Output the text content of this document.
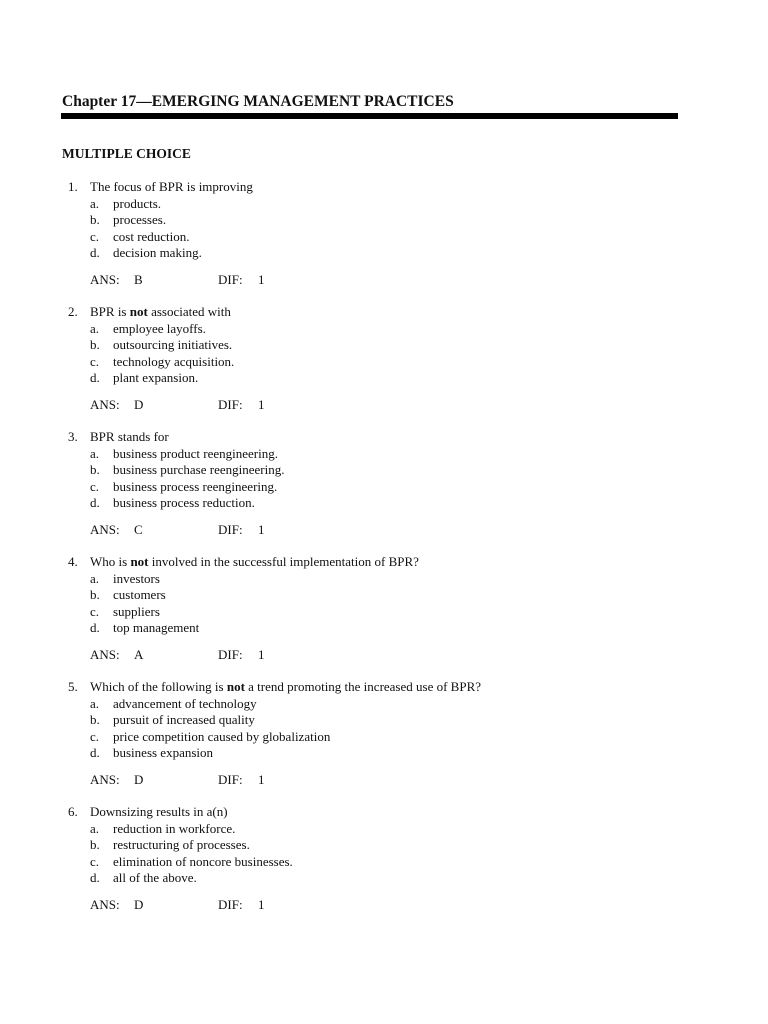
Chapter 17—EMERGING MANAGEMENT PRACTICES
MULTIPLE CHOICE
1. The focus of BPR is improving
a. products.
b. processes.
c. cost reduction.
d. decision making.
ANS: B	DIF: 1
2. BPR is not associated with
a. employee layoffs.
b. outsourcing initiatives.
c. technology acquisition.
d. plant expansion.
ANS: D	DIF: 1
3. BPR stands for
a. business product reengineering.
b. business purchase reengineering.
c. business process reengineering.
d. business process reduction.
ANS: C	DIF: 1
4. Who is not involved in the successful implementation of BPR?
a. investors
b. customers
c. suppliers
d. top management
ANS: A	DIF: 1
5. Which of the following is not a trend promoting the increased use of BPR?
a. advancement of technology
b. pursuit of increased quality
c. price competition caused by globalization
d. business expansion
ANS: D	DIF: 1
6. Downsizing results in a(n)
a. reduction in workforce.
b. restructuring of processes.
c. elimination of noncore businesses.
d. all of the above.
ANS: D	DIF: 1
